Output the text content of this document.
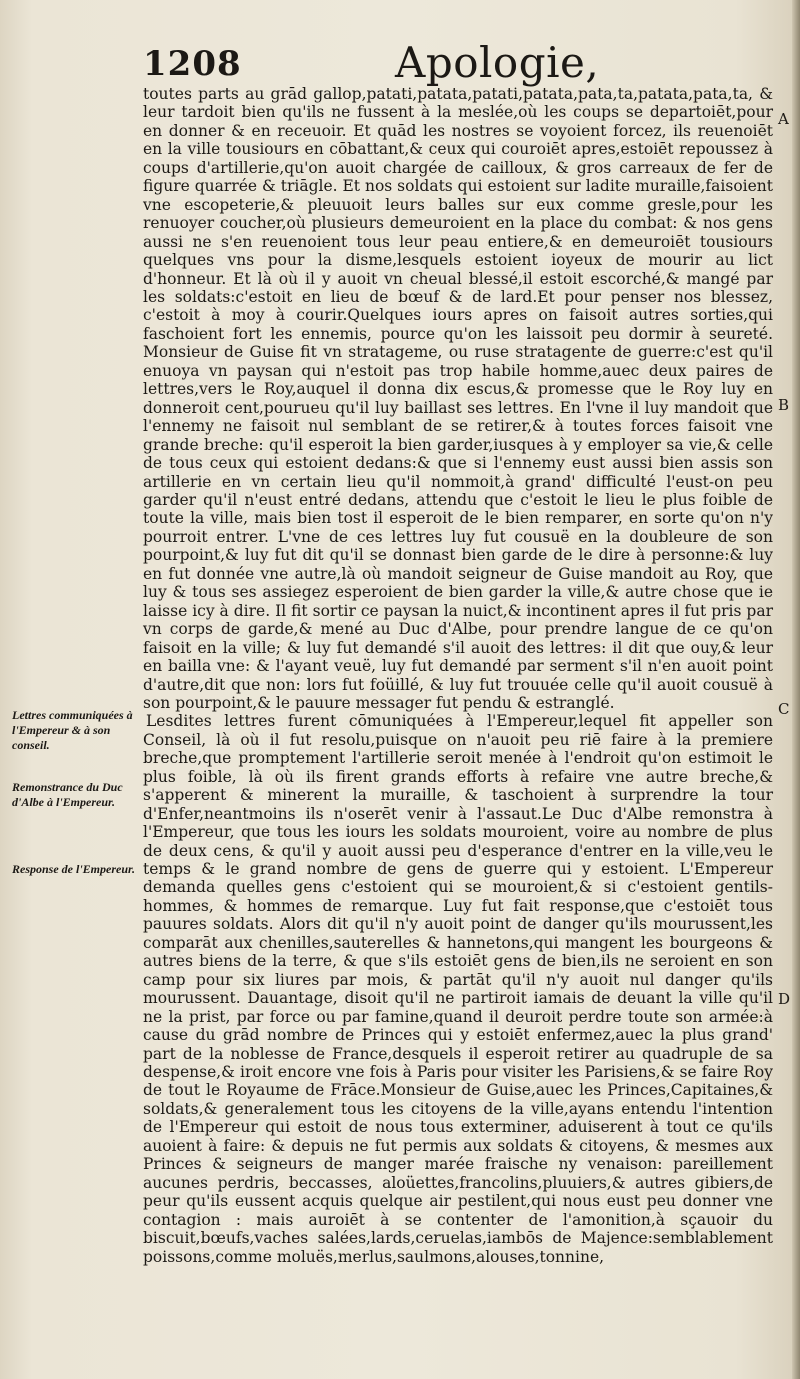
1208	Apologie,
Lettres communiquées à l'Empereur & à son conseil.
Remonstrance du Duc d'Albe à l'Empereur.
Response de l'Empereur.

toutes parts au grād gallop,patati,patata,patati,patata,pata,ta,patata,pata,ta, & leur tardoit bien qu'ils ne fussent à la meslée,où les coups se departoiēt,pour en donner & en receuoir. Et quād les nostres se voyoient forcez, ils reuenoiēt en la ville tousiours en cōbattant,& ceux qui couroiēt apres,estoiēt repoussez à coups d'artillerie,qu'on auoit chargée de cailloux, & gros carreaux de fer de figure quarrée & triāgle. Et nos soldats qui estoient sur ladite muraille,faisoient vne escopeterie,& pleuuoit leurs balles sur eux comme gresle,pour les renuoyer coucher,où plusieurs demeuroient en la place du combat: & nos gens aussi ne s'en reuenoient tous leur peau entiere,& en demeuroiēt tousiours quelques vns pour la disme,lesquels estoient ioyeux de mourir au lict d'honneur. Et là où il y auoit vn cheual blessé,il estoit escorché,& mangé par les soldats:c'estoit en lieu de bœuf & de lard.Et pour penser nos blessez, c'estoit à moy à courir.Quelques iours apres on faisoit autres sorties,qui faschoient fort les ennemis, pource qu'on les laissoit peu dormir à seureté. Monsieur de Guise fit vn stratageme, ou ruse stratagente de guerre:c'est qu'il enuoya vn paysan qui n'estoit pas trop habile homme,auec deux paires de lettres,vers le Roy,auquel il donna dix escus,& promesse que le Roy luy en donneroit cent,pourueu qu'il luy baillast ses lettres. En l'vne il luy mandoit que l'ennemy ne faisoit nul semblant de se retirer,& à toutes forces faisoit vne grande breche: qu'il esperoit la bien garder,iusques à y employer sa vie,& celle de tous ceux qui estoient dedans:& que si l'ennemy eust aussi bien assis son artillerie en vn certain lieu qu'il nommoit,à grand' difficulté l'eust-on peu garder qu'il n'eust entré dedans, attendu que c'estoit le lieu le plus foible de toute la ville, mais bien tost il esperoit de le bien remparer, en sorte qu'on n'y pourroit entrer. L'vne de ces lettres luy fut cousuë en la doubleure de son pourpoint,& luy fut dit qu'il se donnast bien garde de le dire à personne:& luy en fut donnée vne autre,là où mandoit seigneur de Guise mandoit au Roy, que luy & tous ses assiegez esperoient de bien garder la ville,& autre chose que ie laisse icy à dire. Il fit sortir ce paysan la nuict,& incontinent apres il fut pris par vn corps de garde,& mené au Duc d'Albe, pour prendre langue de ce qu'on faisoit en la ville; & luy fut demandé s'il auoit des lettres: il dit que ouy,& leur en bailla vne: & l'ayant veuë, luy fut demandé par serment s'il n'en auoit point d'autre,dit que non: lors fut foüillé, & luy fut trouuée celle qu'il auoit cousuë à son pourpoint,& le pauure messager fut pendu & estranglé.

Lesdites lettres furent cōmuniquées à l'Empereur,lequel fit appeller son Conseil, là où il fut resolu,puisque on n'auoit peu riē faire à la premiere breche,que promptement l'artillerie seroit menée à l'endroit qu'on estimoit le plus foible, là où ils firent grands efforts à refaire vne autre breche,& s'apperent & minerent la muraille, & taschoient à surprendre la tour d'Enfer,neantmoins ils n'oserēt venir à l'assaut.Le Duc d'Albe remonstra à l'Empereur, que tous les iours les soldats mouroient, voire au nombre de plus de deux cens, & qu'il y auoit aussi peu d'esperance d'entrer en la ville,veu le temps & le grand nombre de gens de guerre qui y estoient. L'Empereur demanda quelles gens c'estoient qui se mouroient,& si c'estoient gentils-hommes, & hommes de remarque. Luy fut fait response,que c'estoiēt tous pauures soldats. Alors dit qu'il n'y auoit point de danger qu'ils mourussent,les comparāt aux chenilles,sauterelles & hannetons,qui mangent les bourgeons & autres biens de la terre, & que s'ils estoiēt gens de bien,ils ne seroient en son camp pour six liures par mois, & partāt qu'il n'y auoit nul danger qu'ils mourussent. Dauantage, disoit qu'il ne partiroit iamais de deuant la ville qu'il ne la prist, par force ou par famine,quand il deuroit perdre toute son armée:à cause du grād nombre de Princes qui y estoiēt enfermez,auec la plus grand' part de la noblesse de France,desquels il esperoit retirer au quadruple de sa despense,& iroit encore vne fois à Paris pour visiter les Parisiens,& se faire Roy de tout le Royaume de Frāce.Monsieur de Guise,auec les Princes,Capitaines,& soldats,& generalement tous les citoyens de la ville,ayans entendu l'intention de l'Empereur qui estoit de nous tous exterminer, aduiserent à tout ce qu'ils auoient à faire: & depuis ne fut permis aux soldats & citoyens, & mesmes aux Princes & seigneurs de manger marée fraische ny venaison: pareillement aucunes perdris, beccasses, aloüettes,francolins,pluuiers,& autres gibiers,de peur qu'ils eussent acquis quelque air pestilent,qui nous eust peu donner vne contagion : mais auroiēt à se contenter de l'amonition,à sçauoir du biscuit,bœufs,vaches salées,lards,ceruelas,iambōs de Majence:semblablement poissons,comme moluës,merlus,saulmons,alouses,tonnine,

A
B
C
D
